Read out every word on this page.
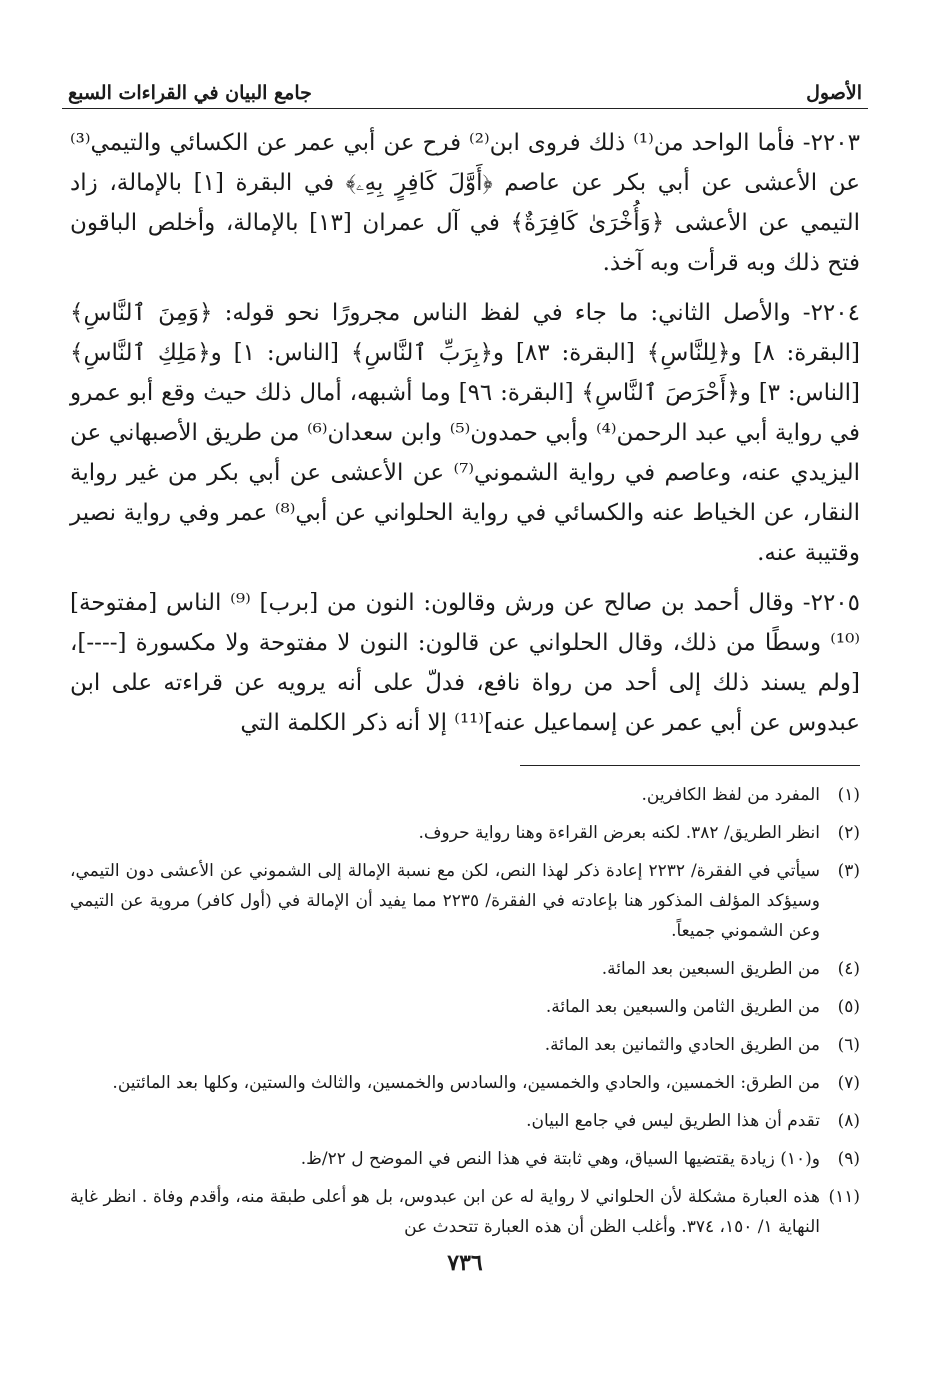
الأصول
جامع البيان في القراءات السبع

٢٢٠٣- فأما الواحد من⁽¹⁾ ذلك فروى ابن⁽²⁾ فرح عن أبي عمر عن الكسائي والتيمي⁽³⁾ عن الأعشى عن أبي بكر عن عاصم ﴿أَوَّلَ كَافِرٍ بِهِۦ﴾ في البقرة [١] بالإمالة، زاد التيمي عن الأعشى ﴿وَأُخْرَىٰ كَافِرَةٌ﴾ في آل عمران [١٣] بالإمالة، وأخلص الباقون فتح ذلك وبه قرأت وبه آخذ.

٢٢٠٤- والأصل الثاني: ما جاء في لفظ الناس مجرورًا نحو قوله: ﴿وَمِنَ ٱلنَّاسِ﴾ [البقرة: ٨] و﴿لِلنَّاسِ﴾ [البقرة: ٨٣] و﴿بِرَبِّ ٱلنَّاسِ﴾ [الناس: ١] و﴿مَلِكِ ٱلنَّاسِ﴾ [الناس: ٣] و﴿أَحْرَصَ ٱلنَّاسِ﴾ [البقرة: ٩٦] وما أشبهه، أمال ذلك حيث وقع أبو عمرو في رواية أبي عبد الرحمن⁽⁴⁾ وأبي حمدون⁽⁵⁾ وابن سعدان⁽⁶⁾ من طريق الأصبهاني عن اليزيدي عنه، وعاصم في رواية الشموني⁽⁷⁾ عن الأعشى عن أبي بكر من غير رواية النقار، عن الخياط عنه والكسائي في رواية الحلواني عن أبي⁽⁸⁾ عمر وفي رواية نصير وقتيبة عنه.

٢٢٠٥- وقال أحمد بن صالح عن ورش وقالون: النون من [برب] ⁽⁹⁾ الناس [مفتوحة] ⁽¹⁰⁾ وسطًا من ذلك، وقال الحلواني عن قالون: النون لا مفتوحة ولا مكسورة [----]، [ولم يسند ذلك إلى أحد من رواة نافع، فدلّ على أنه يرويه عن قراءته على ابن عبدوس عن أبي عمر عن إسماعيل عنه]⁽¹¹⁾ إلا أنه ذكر الكلمة التي

(١)
المفرد من لفظ الكافرين.
(٢)
انظر الطريق/ ٣٨٢. لكنه بعرض القراءة وهنا رواية حروف.
(٣)
سيأتي في الفقرة/ ٢٢٣٢ إعادة ذكر لهذا النص، لكن مع نسبة الإمالة إلى الشموني عن الأعشى دون التيمي، وسيؤكد المؤلف المذكور هنا بإعادته في الفقرة/ ٢٢٣٥ مما يفيد أن الإمالة في (أول كافر) مروية عن التيمي وعن الشموني جميعاً.
(٤)
من الطريق السبعين بعد المائة.
(٥)
من الطريق الثامن والسبعين بعد المائة.
(٦)
من الطريق الحادي والثمانين بعد المائة.
(٧)
من الطرق: الخمسين، والحادي والخمسين، والسادس والخمسين، والثالث والستين، وكلها بعد المائتين.
(٨)
تقدم أن هذا الطريق ليس في جامع البيان.
(٩)
و(١٠) زيادة يقتضيها السياق، وهي ثابتة في هذا النص في الموضح ل ٢٢/ظ.
(١١)
هذه العبارة مشكلة لأن الحلواني لا رواية له عن ابن عبدوس، بل هو أعلى طبقة منه، وأقدم وفاة . انظر غاية النهاية ١/ ١٥٠، ٣٧٤. وأغلب الظن أن هذه العبارة تتحدث عن
٧٣٦
